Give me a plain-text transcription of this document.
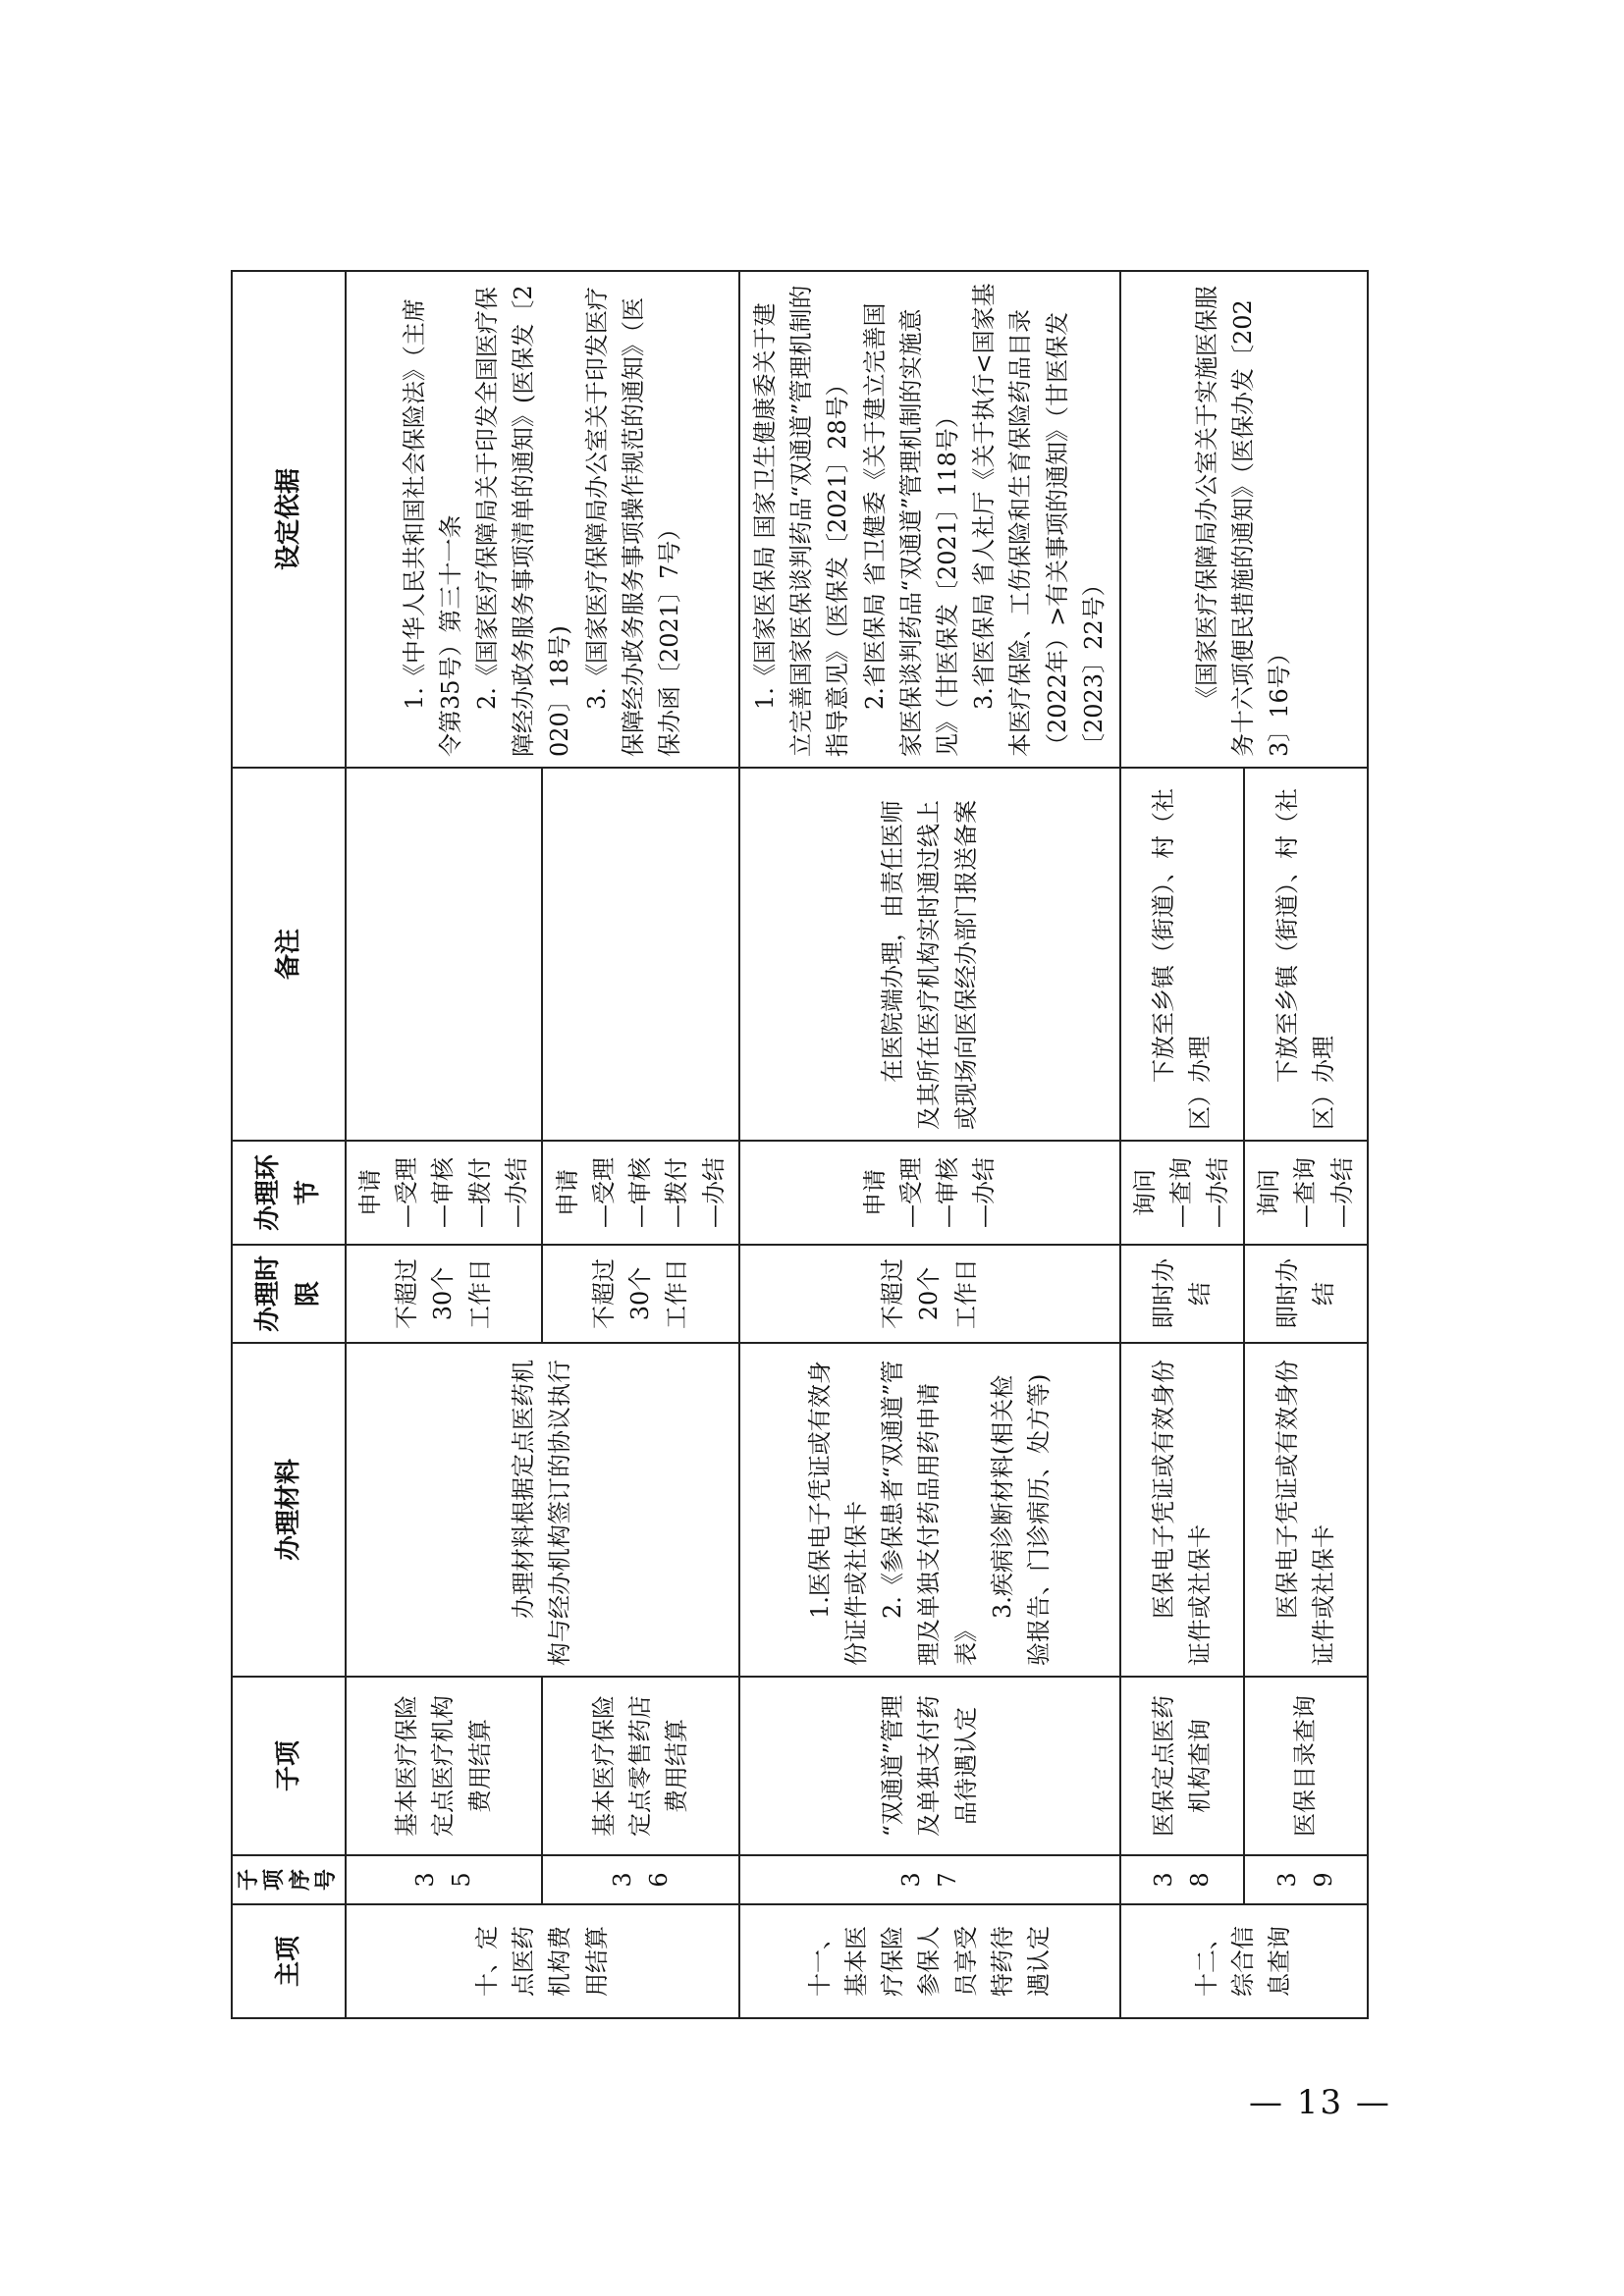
主项	子项序号	子项	办理材料	办理时限	办理环节	备注	设定依据
十、定点医药机构费用结算	35	基本医疗保险定点医疗机构费用结算	办理材料根据定点医药机构与经办机构签订的协议执行	不超过30个工作日	申请 —受理 —审核 —拨付 —办结		1.《中华人民共和国社会保险法》（主席令第35号）第三十一条 2.《国家医疗保障局关于印发全国医疗保障经办政务服务事项清单的通知》(医保发〔2020〕18号) 3.《国家医疗保障局办公室关于印发医疗保障经办政务服务事项操作规范的通知》（医保办函〔2021〕7号）

	36	基本医疗保险定点零售药店费用结算		不超过30个工作日	申请 —受理 —审核 —拨付 —办结		

十一、基本医疗保险参保人员享受特药待遇认定	37	“双通道”管理及单独支付药品待遇认定	1.医保电子凭证或有效身份证件或社保卡 2.《参保患者“双通道”管理及单独支付药品用药申请表》
3.疾病诊断材料(相关检验报告、门诊病历、处方等)	不超过20个工作日	申请 —受理 —审核 —办结	在医院端办理，由责任医师及其所在医疗机构实时通过线上或现场向医保经办部门报送备案	1.《国家医保局 国家卫生健康委关于建立完善国家医保谈判药品“双通道”管理机制的指导意见》（医保发〔2021〕28号） 2.省医保局 省卫健委《关于建立完善国家医保谈判药品“双通道”管理机制的实施意见》（甘医保发〔2021〕118号） 3.省医保局 省人社厅《关于执行<国家基本医疗保险、工伤保险和生育保险药品目录（2022年）>有关事项的通知》（甘医保发〔2023〕22号）

十二、综合信息查询	38	医保定点医药机构查询	医保电子凭证或有效身份证件或社保卡	即时办结	询问 —查询 —办结	下放至乡镇（街道）、村（社区）办理	《国家医疗保障局办公室关于实施医保服务十六项便民措施的通知》（医保办发〔2023〕16号）

	39	医保目录查询	医保电子凭证或有效身份证件或社保卡	即时办结	询问 —查询 —办结	下放至乡镇（街道）、村（社区）办理	
— 13 —
